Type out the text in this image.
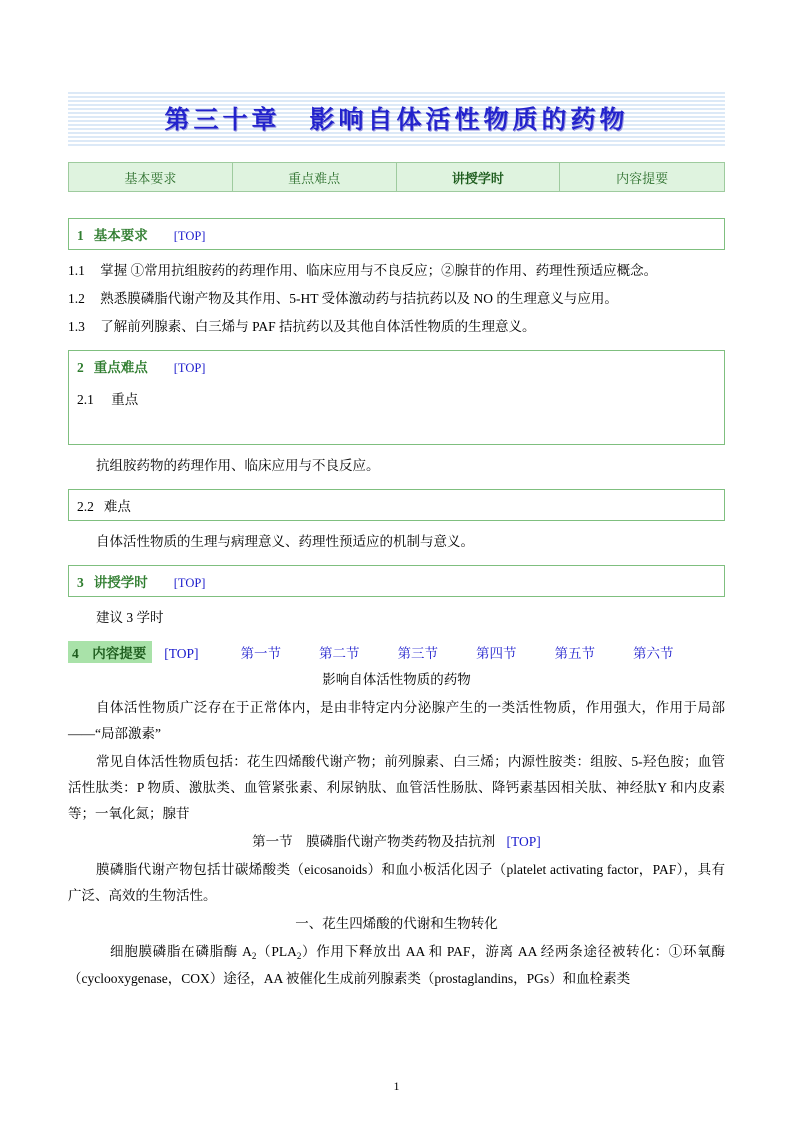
第三十章　影响自体活性物质的药物
基本要求	重点难点	讲授学时	内容提要
1 基本要求 [TOP]
1.1 掌握 ①常用抗组胺药的药理作用、临床应用与不良反应；②腺苷的作用、药理性预适应概念。
1.2 熟悉膜磷脂代谢产物及其作用、5-HT 受体激动药与拮抗药以及 NO 的生理意义与应用。
1.3 了解前列腺素、白三烯与 PAF 拮抗药以及其他自体活性物质的生理意义。
2 重点难点 [TOP]
2.1 重点
抗组胺药物的药理作用、临床应用与不良反应。
2.2 难点
自体活性物质的生理与病理意义、药理性预适应的机制与意义。
3 讲授学时 [TOP]
建议 3 学时
4　内容提要	[TOP]	第一节	第二节	第三节	第四节	第五节	第六节

影响自体活性物质的药物

自体活性物质广泛存在于正常体内，是由非特定内分泌腺产生的一类活性物质，作用强大，作用于局部——“局部激素”

常见自体活性物质包括：花生四烯酸代谢产物；前列腺素、白三烯；内源性胺类：组胺、5-羟色胺；血管活性肽类：P 物质、激肽类、血管紧张素、利尿钠肽、血管活性肠肽、降钙素基因相关肽、神经肽Y 和内皮素等；一氧化氮；腺苷

第一节　膜磷脂代谢产物类药物及拮抗剂 [TOP]

膜磷脂代谢产物包括廿碳烯酸类（eicosanoids）和血小板活化因子（platelet activating factor，PAF），具有广泛、高效的生物活性。

一、花生四烯酸的代谢和生物转化

细胞膜磷脂在磷脂酶 $A_2(PLA_2)$作用下释放出 AA 和 PAF，游离 AA 经两条途径被转化：①环氧酶（cyclooxygenase，COX）途径，AA 被催化生成前列腺素类（prostaglandins，PGs）和血栓素类

1
